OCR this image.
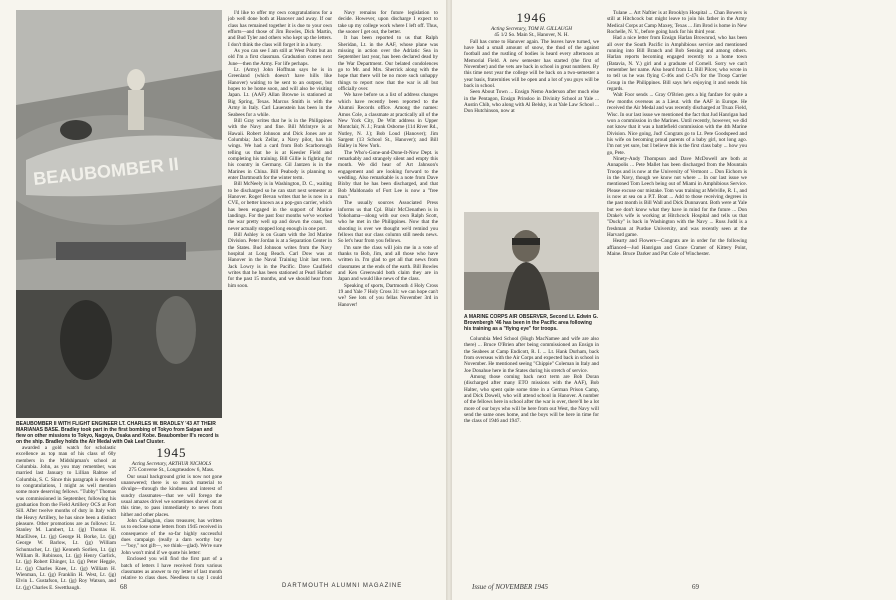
BEAUBOMBER II
BEAUBOMBER II WITH FLIGHT ENGINEER LT. CHARLES W. BRADLEY '43 AT THEIR MARIANAS BASE. Bradley took part in the first bombing of Tokyo from Saipan and flew on other missions to Tokyo, Nagoya, Osaka and Kobe. Beaubomber II's record is on the ship. Bradley holds the Air Medal with Oak Leaf Cluster.

awarded a gold watch for scholastic excellence as top man of his class of 60y members in the Midshipman's school at Columbia. John, as you may remember, was married last January to Lillian Rabtoe of Columbia, S. C. Since this paragraph is devoted to congratulations, I might as well mention some more deserving fellows. "Tubby" Thomas was commissioned in September, following his graduation from the Field Artillery OCS at Fort Sill. After twelve months of duty in Italy with the Heavy Artillery, he has since been a distinct pleasure. Other promotions are as follows: Lt. Stanley M. Lambert, Lt. (jg) Thomas H. MacElvee, Lt. (jg) George H. Borke, Lt. (jg) George W. Barlow, Lt. (jg) William Schumacher, Lt. (jg) Kenneth Sorlien, Lt. (jg) William R. Robinson, Lt. (jg) Henry Garlick, Lt. (jg) Robert Ehinger, Lt. (jg) Peter Heggie, Lt. (jg) Charles Knee, Lt. (jg) William H. Wienman, Lt. (jg) Franklin H. West, Lt. (jg) Elvin L. Gustafson, Lt. (jg) Roy Watson, and Lt. (jg) Charles E. Swetthaugh.

1945
Acting Secretary, ARTHUR NICHOLS
275 Converse St., Longmeadow 6, Mass.

Our usual background grist is now not gone unanswered; there is so much material to divulge—through the kindness and interest of sundry classmates—that we will forego the usual amazes drivel we sometimes shovel out at this time, to pass immediately to news from hither and other places.

John Callaghan, class treasurer, has written us to enclose some letters from 1945 received in consequence of the so-far highly successful dues campaign (really a darn worthy buy—"boy," not gift—, we think—glad). We're sure John won't mind if we quote his letter:

Enclosed you will find the first part of a batch of letters I have received from various classmates as answer to my letter of last month relative to class dues. Needless to say I could

I'd like to offer my own congratulations for a job well done both at Hanover and away. If our class has remained together it is due to your own efforts—and those of Jim Bowles, Dick Martin, and Bud Tyler and others who kept up the letters. I don't think the class will forget it in a hurry.

As you can see I am still at West Point but an old I'm a first classman. Graduation comes next June—then the Army. For life perhaps.

Lt. (Army) John Hoffman says he is in Greenland (which doesn't have hills like Hanover) waiting to be sent to an outpost, but hopes to be home soon, and will also be visiting Japan. Lt. (AAF) Allan Browne is stationed at Big Spring, Texas. Marcus Smith is with the Army in Italy. Carl Lauenstein has been in the Seabees for a while.

Bill Gray writes that he is in the Philippines with the Navy and fine. Bill Mclntyre is at Hawaii. Robert Johnson and Dick Jones are at Columbia; Jack Zellar, a Navy pilot, has his wings. We had a card from Bob Scarborough telling us that he is at Keesler Field and completing his training. Bill Gillie is fighting for his country in Germany. Gil Jantzen is in the Marines in China. Bill Peabody is planning to enter Dartmouth for the winter term.

Bill McNeely is in Washington, D. C., waiting to be discharged so he can start next semester at Hanover. Roger Bevan writes that he is now in a CVE, or better known as a pop-gun carrier, which has been engaged in the support of Marine landings. For the past four months we've worked the war pretty well up and down the coast, but never actually stopped long enough in one port.

Bill Ashley is on Guam with the 3rd Marine Division. Peter Jordan is at a Separation Center in the States. Bud Johnson writes from the Navy hospital at Long Beach. Carl Dow was at Hanover in the Naval Training Unit last term. Jack Lowry is in the Pacific. Dave Caulfield writes that he has been stationed at Pearl Harbor for the past 15 months, and we should hear from him soon.

Navy remains for future legislation to decide. However, upon discharge I expect to take up my college work where I left off. Thus, the sooner I get out, the better.

It has been reported to us that Ralph Sheridan, Lt. in the AAF, whose plane was missing in action over the Adriatic Sea in September last year, has been declared dead by the War Department. Our belated condolences go to Mr. and Mrs. Sherrick along with the hope that there will be no more such unhappy things to report now that the war is all but officially over.

We have before us a list of address changes which have recently been reported to the Alumni Records office. Among the names: Amos Cole, a classmate at practically all of the New York City, De Witt address in Upper Montclair, N. J.; Frank Osborne (114 River Rd., Nutley, N. J.); Bob Loud (Hanover); Jim Sargent (13 School St., Hanover); and Bill Halley in New York.

The Who's-Gone-and-Done-It-Now Dept. is remarkably and strangely silent and empty this month. We did hear of Art Jahnson's engagement and are looking forward to the wedding. Also remarkable is a note from Dave Bixby that he has been discharged, and that Bob Maldonado of Fort Lee is now a "free man."

The usually sources Associated Press informs us that Cpl. Blair McClenathen is in Yokohama—along with our own Ralph Scott, who he met in the Philippines. Now that the shooting is over we thought we'd remind you fellows that our class column still needs news. So let's hear from you fellows.

I'm sure the class will join me in a vote of thanks to Bob, Jim, and all those who have written in. I'm glad to get all that news from classmates at the ends of the earth. Bill Bowles and Ken Greenwald both claim they are in Japan and would like news of the class.

Speaking of sports, Dartmouth 4 Holy Cross 19 and Yale 7 Holy Cross 31: we can hope can't we? See lots of you fellas November 3rd in Hanover!

68	DARTMOUTH ALUMNI MAGAZINE
1946
Acting Secretary, TOM H. GILLAUGH
45 1/2 So. Main St., Hanover, N. H.

Fall has come to Hanover again. The leaves have turned, we have had a small amount of snow, the thud of the against football and the rustling of bodies is heard every afternoon at Memorial Field. A new semester has started (the first of November) and the vets are back in school in great numbers. By this time next year the college will be back on a two-semester a year basis, fraternities will be open and a lot of you guys will be back in school.

Seen About Town ... Ensign Nemo Anderson after much else in the Pentagon, Ensign Prinsloo in Divinity School at Yale ... Austin Chib, who along with Al Belsky, is at Yale Law School ... Don Hutchinson, now at

A MARINE CORPS AIR OBSERVER, Second Lt. Edwin G. Brownbergh '46 has been in the Pacific area following his training as a "flying eye" for troops.

Columbia Med School (Hugh MacNamee and wife are also there) ... Bruce O'Brien after being commissioned an Ensign in the Seabees at Camp Endicott, R. I. ... Lt. Hank Durham, back from overseas with the Air Corps and expected back in school in November. He mentioned seeing "Chippie" Coleman in Italy and Joe Donahue here in the States during his stretch of service.

Among those coming back next term are Bob Doran (discharged after many ETO missions with the AAF), Bob Halter, who spent quite some time in a German Prison Camp, and Dick Dowell, who will attend school in Hanover. A number of the fellows here in school after the war is over, there'll be a lot more of our boys who will be here from out West, the Navy will send the same ones home, and the boys will be here in time for the class of 1946 and 1947.

Tulane ... Art Naftier is at Brooklyn Hospital ... Chan Bowers is still at Hitchcock but might leave to join his father in the Army Medical Corps at Camp Maxey, Texas ... Jim Brod is home in New Rochelle, N. Y., before going back for his third year.

Had a nice letter from Ensign Harlan Brownrud, who has been all over the South Pacific in Amphibious service and mentioned running into Bill Branch and Bob Sensing and among others. Harlan reports becoming engaged recently to a home town (Batavia, N. Y.) girl and a graduate of Cornell. Sorry we can't remember her name. Also heard from Lt. Bill Pilcer, who wrote in to tell us he was flying C-46s and C-47s for the Troop Carrier Group in the Philippines. Bill says he's enjoying it and sends his regards.

Walt Foor sends ... Gray O'Brien gets a big fanfare for quite a few months overseas as a Lieut. with the AAF in Europe. He received the Air Medal and was recently discharged at Truax Field, Wisc. In our last issue we mentioned the fact that Jud Hanrigan had won a commission in the Marines. Until recently, however, we did not know that it was a battlefield commission with the 4th Marine Division. Nice going, Jud! Congrats go to Lt. Pete Goodspeed and his wife on becoming proud parents of a baby girl, not long ago. I'm not yet sure, but I believe this is the first class baby ... how you go, Pete.

Ninety-Andy Thompson and Dave McDowell are both at Annapolis ... Pete Mallet has been discharged from the Mountain Troops and is now at the University of Vermont ... Don Eichorn is in the Navy, though we know not where ... In our last issue we mentioned Tom Leech being out of Miami in Amphibious Service. Please excuse our mistake. Tom was training at Melville, R. I., and is now at sea on a P.T. Boat ... Add to those receiving degrees in the past month is Bill Wall and Dick Dunnavant. Both were at Yale but we don't know what they have in mind for the future ... Don Drake's wife is working at Hitchcock Hospital and tells us that "Ducky" is back in Washington with the Navy ... Russ Judd is a freshman at Purdue University, and was recently seen at the Harvard game.

Hearty and Flowers—Congrats are in order for the following affianced—Jud Hanrigan and Grace Cramer of Kittery Point, Maine. Bruce Darker and Pat Cole of Winchester.

Issue of NOVEMBER 1945	69
